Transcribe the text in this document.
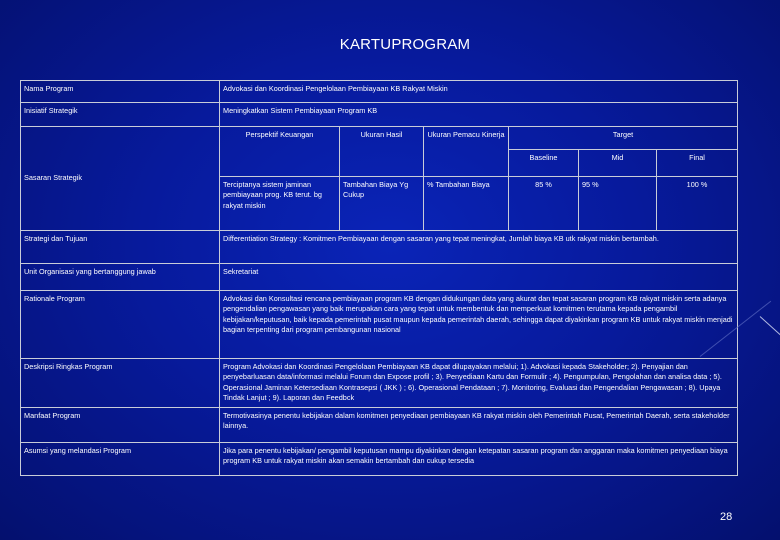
KARTUPROGRAM
Nama Program	Advokasi dan Koordinasi Pengelolaan Pembiayaan KB Rakyat Miskin					
Inisiatif Strategik	Meningkatkan Sistem Pembiayaan Program KB					
Sasaran Strategik	Perspektif Keuangan	Ukuran Hasil	Ukuran Pemacu Kinerja	Target		
				Baseline	Mid	Final
	Terciptanya sistem jaminan pembiayaan prog. KB terut. bg rakyat miskin	Tambahan Biaya Yg Cukup	% Tambahan Biaya	85 %	95 %	100 %
Strategi dan Tujuan	Differentiation Strategy : Komitmen Pembiayaan dengan sasaran yang tepat meningkat, Jumlah biaya KB utk rakyat miskin bertambah.					
Unit Organisasi yang bertanggung jawab	Sekretariat					
Rationale Program	Advokasi dan Konsultasi rencana pembiayaan program KB dengan didukungan data yang akurat dan tepat sasaran program KB rakyat miskin serta adanya pengendalian pengawasan yang baik merupakan cara yang tepat untuk membentuk dan memperkuat komitmen terutama kepada pengambil kebijakan/keputusan, baik kepada pemerintah pusat maupun kepada pemerintah daerah, sehingga dapat diyakinkan program KB untuk rakyat miskin menjadi bagian terpenting dari program pembangunan nasional					
Deskripsi Ringkas Program	Program Advokasi dan Koordinasi Pengelolaan Pembiayaan KB dapat dilupayakan melalui; 1). Advokasi kepada Stakeholder; 2). Penyajian dan penyebarluasan data/informasi melalui Forum dan Expose profil ; 3). Penyediaan Kartu dan Formulir ; 4). Pengumpulan, Pengolahan dan analisa data ; 5). Operasional Jaminan Ketersediaan Kontrasepsi ( JKK ) ; 6). Operasional Pendataan ; 7). Monitoring, Evaluasi dan Pengendalian Pengawasan ; 8). Upaya Tindak Lanjut ; 9). Laporan dan Feedbck					
Manfaat Program	Termotivasinya penentu kebijakan dalam komitmen penyediaan pembiayaan KB rakyat miskin oleh Pemerintah Pusat, Pemerintah Daerah, serta stakeholder lainnya.					
Asumsi yang melandasi Program	Jika para penentu kebijakan/ pengambil keputusan mampu diyakinkan dengan ketepatan sasaran program dan anggaran maka komitmen penyediaan biaya program KB untuk rakyat miskin akan semakin bertambah dan cukup tersedia					
28
